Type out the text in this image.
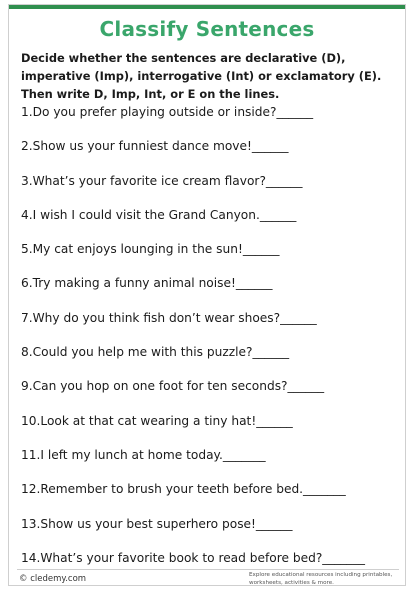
Classify Sentences

Decide whether the sentences are declarative (D), imperative (Imp), interrogative (Int) or exclamatory (E). Then write D, Imp, Int, or E on the lines.

1.Do you prefer playing outside or inside?______
2.Show us your funniest dance move!______
3.What’s your favorite ice cream flavor?______
4.I wish I could visit the Grand Canyon.______
5.My cat enjoys lounging in the sun!______
6.Try making a funny animal noise!______
7.Why do you think fish don’t wear shoes?______
8.Could you help me with this puzzle?______
9.Can you hop on one foot for ten seconds?______
10.Look at that cat wearing a tiny hat!______
11.I left my lunch at home today._______
12.Remember to brush your teeth before bed._______
13.Show us your best superhero pose!______
14.What’s your favorite book to read before bed?_______
© cledemy.com	Explore educational resources including printables, worksheets, activities & more.
